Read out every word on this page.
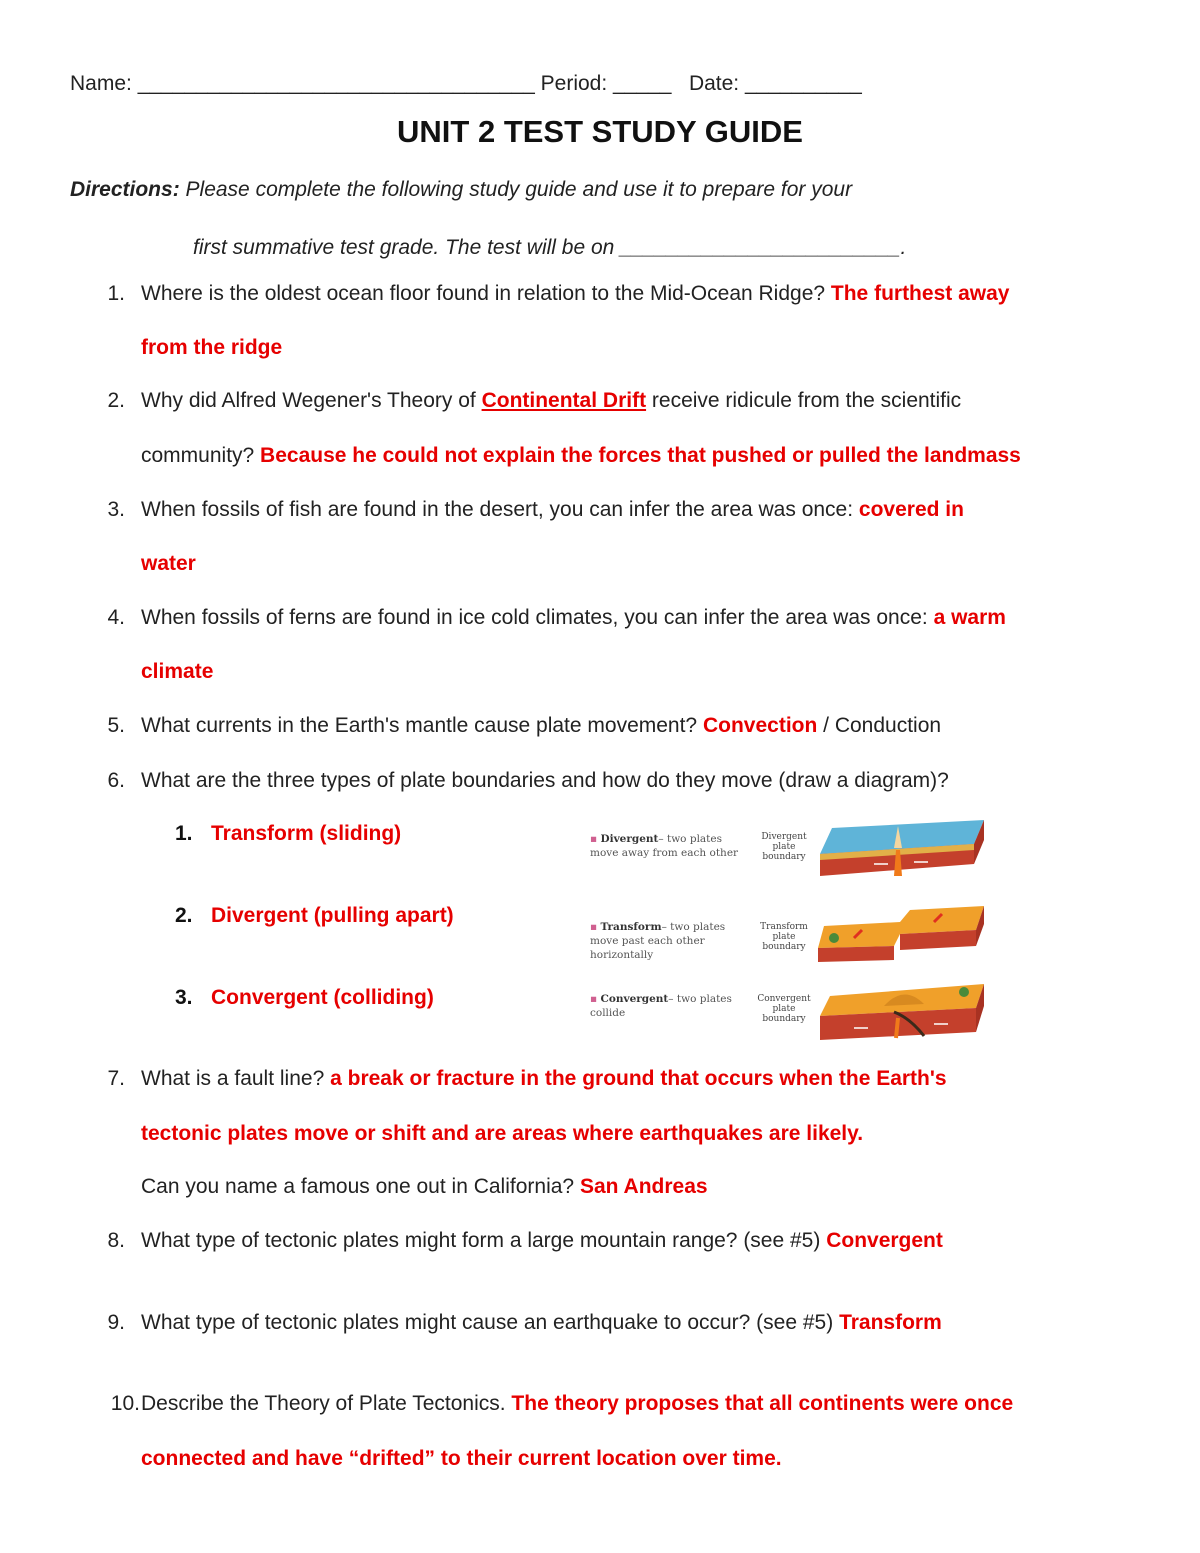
Name: __________________________________ Period: _____ Date: __________
UNIT 2 TEST STUDY GUIDE
Directions: Please complete the following study guide and use it to prepare for your
first summative test grade. The test will be on ________________________.
1. Where is the oldest ocean floor found in relation to the Mid-Ocean Ridge? The furthest away
from the ridge
2. Why did Alfred Wegener's Theory of Continental Drift receive ridicule from the scientific
community? Because he could not explain the forces that pushed or pulled the landmass
3. When fossils of fish are found in the desert, you can infer the area was once: covered in
water
4. When fossils of ferns are found in ice cold climates, you can infer the area was once: a warm
climate
5. What currents in the Earth's mantle cause plate movement? Convection / Conduction
6. What are the three types of plate boundaries and how do they move (draw a diagram)?
1. Transform (sliding)
2. Divergent (pulling apart)
3. Convergent (colliding)
▪ Divergent– two plates move away from each other
Divergent plate boundary
▪ Transform– two plates move past each other horizontally
Transform plate boundary
▪ Convergent– two plates collide
Convergent plate boundary
7. What is a fault line? a break or fracture in the ground that occurs when the Earth's
tectonic plates move or shift and are areas where earthquakes are likely.
Can you name a famous one out in California? San Andreas
8. What type of tectonic plates might form a large mountain range? (see #5) Convergent
9. What type of tectonic plates might cause an earthquake to occur? (see #5) Transform
10. Describe the Theory of Plate Tectonics. The theory proposes that all continents were once
connected and have “drifted” to their current location over time.
